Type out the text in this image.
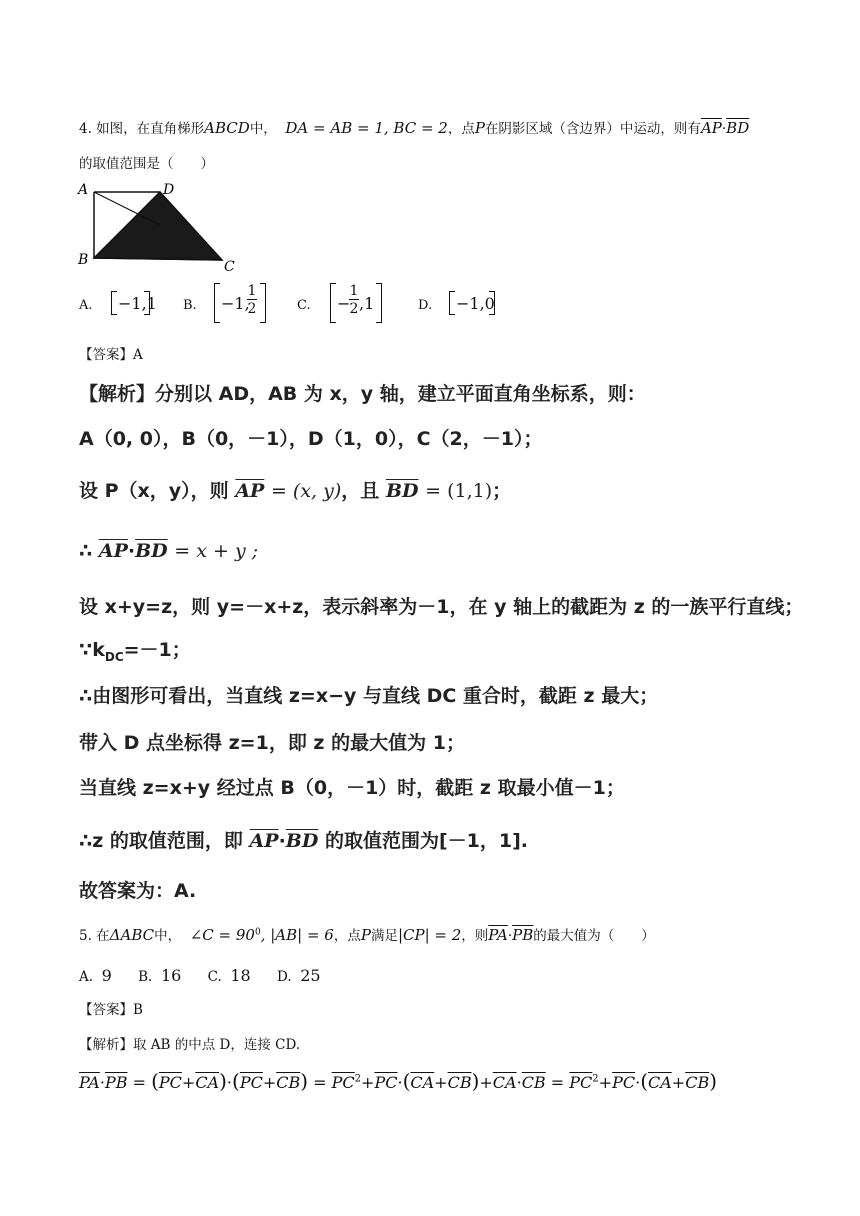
4. 如图，在直角梯形ABCD中， DA = AB = 1, BC = 2，点P在阴影区域（含边界）中运动，则有$\overline{AP}\cdot\overline{BD}$
的取值范围是（　　）
A	D
B	C
A. −1,1 B. −1,
1
2	C. −
1
2 ,1	D. −1,0
【答案】A
【解析】分别以 AD，AB 为 x，y 轴，建立平面直角坐标系，则：
A（0, 0），B（0，－1），D（1，0），C（2，－1）；
设 P（x，y），则 $\overline{AP} = (x$, y)，且 $\overline{BD} = (1,1)$；
∴ $\overline{AP}\cdot\overline{BD} = x + y$ ;
设 x+y=z，则 y=－x+z，表示斜率为－1，在 y 轴上的截距为 z 的一族平行直线；
$\because k_{DC}=-1$；
∴由图形可看出，当直线 z=x−y 与直线 DC 重合时，截距 z 最大；
带入 D 点坐标得 z=1，即 z 的最大值为 1；
当直线 z=x+y 经过点 B（0，－1）时，截距 z 取最小值－1；
∴z 的取值范围，即 $\overline{AP}\cdot\overline{BD}$ 的取值范围为[－1，1].
故答案为：A.
5. 在ΔABC中， ∠C = $90^0$, |AB| = 6，点P满足|CP| = 2，则$\overline{PA}\cdot\overline{PB}$的最大值为（　　）
A. 9 B. 16 C. 18 D. 25
【答案】B
【解析】取 AB 的中点 D，连接 CD.
$\overline{PA}\cdot\overline{PB} = (\overline{PC}+\overline{CA})\cdot(\overline{PC}+\overline{CB}) = \overline{PC}^2+\overline{PC}\cdot(\overline{CA}+\overline{CB})+\overline{CA}\cdot\overline{CB} = \overline{PC}^2+\overline{PC}\cdot(\overline{CA}+\overline{CB})$
